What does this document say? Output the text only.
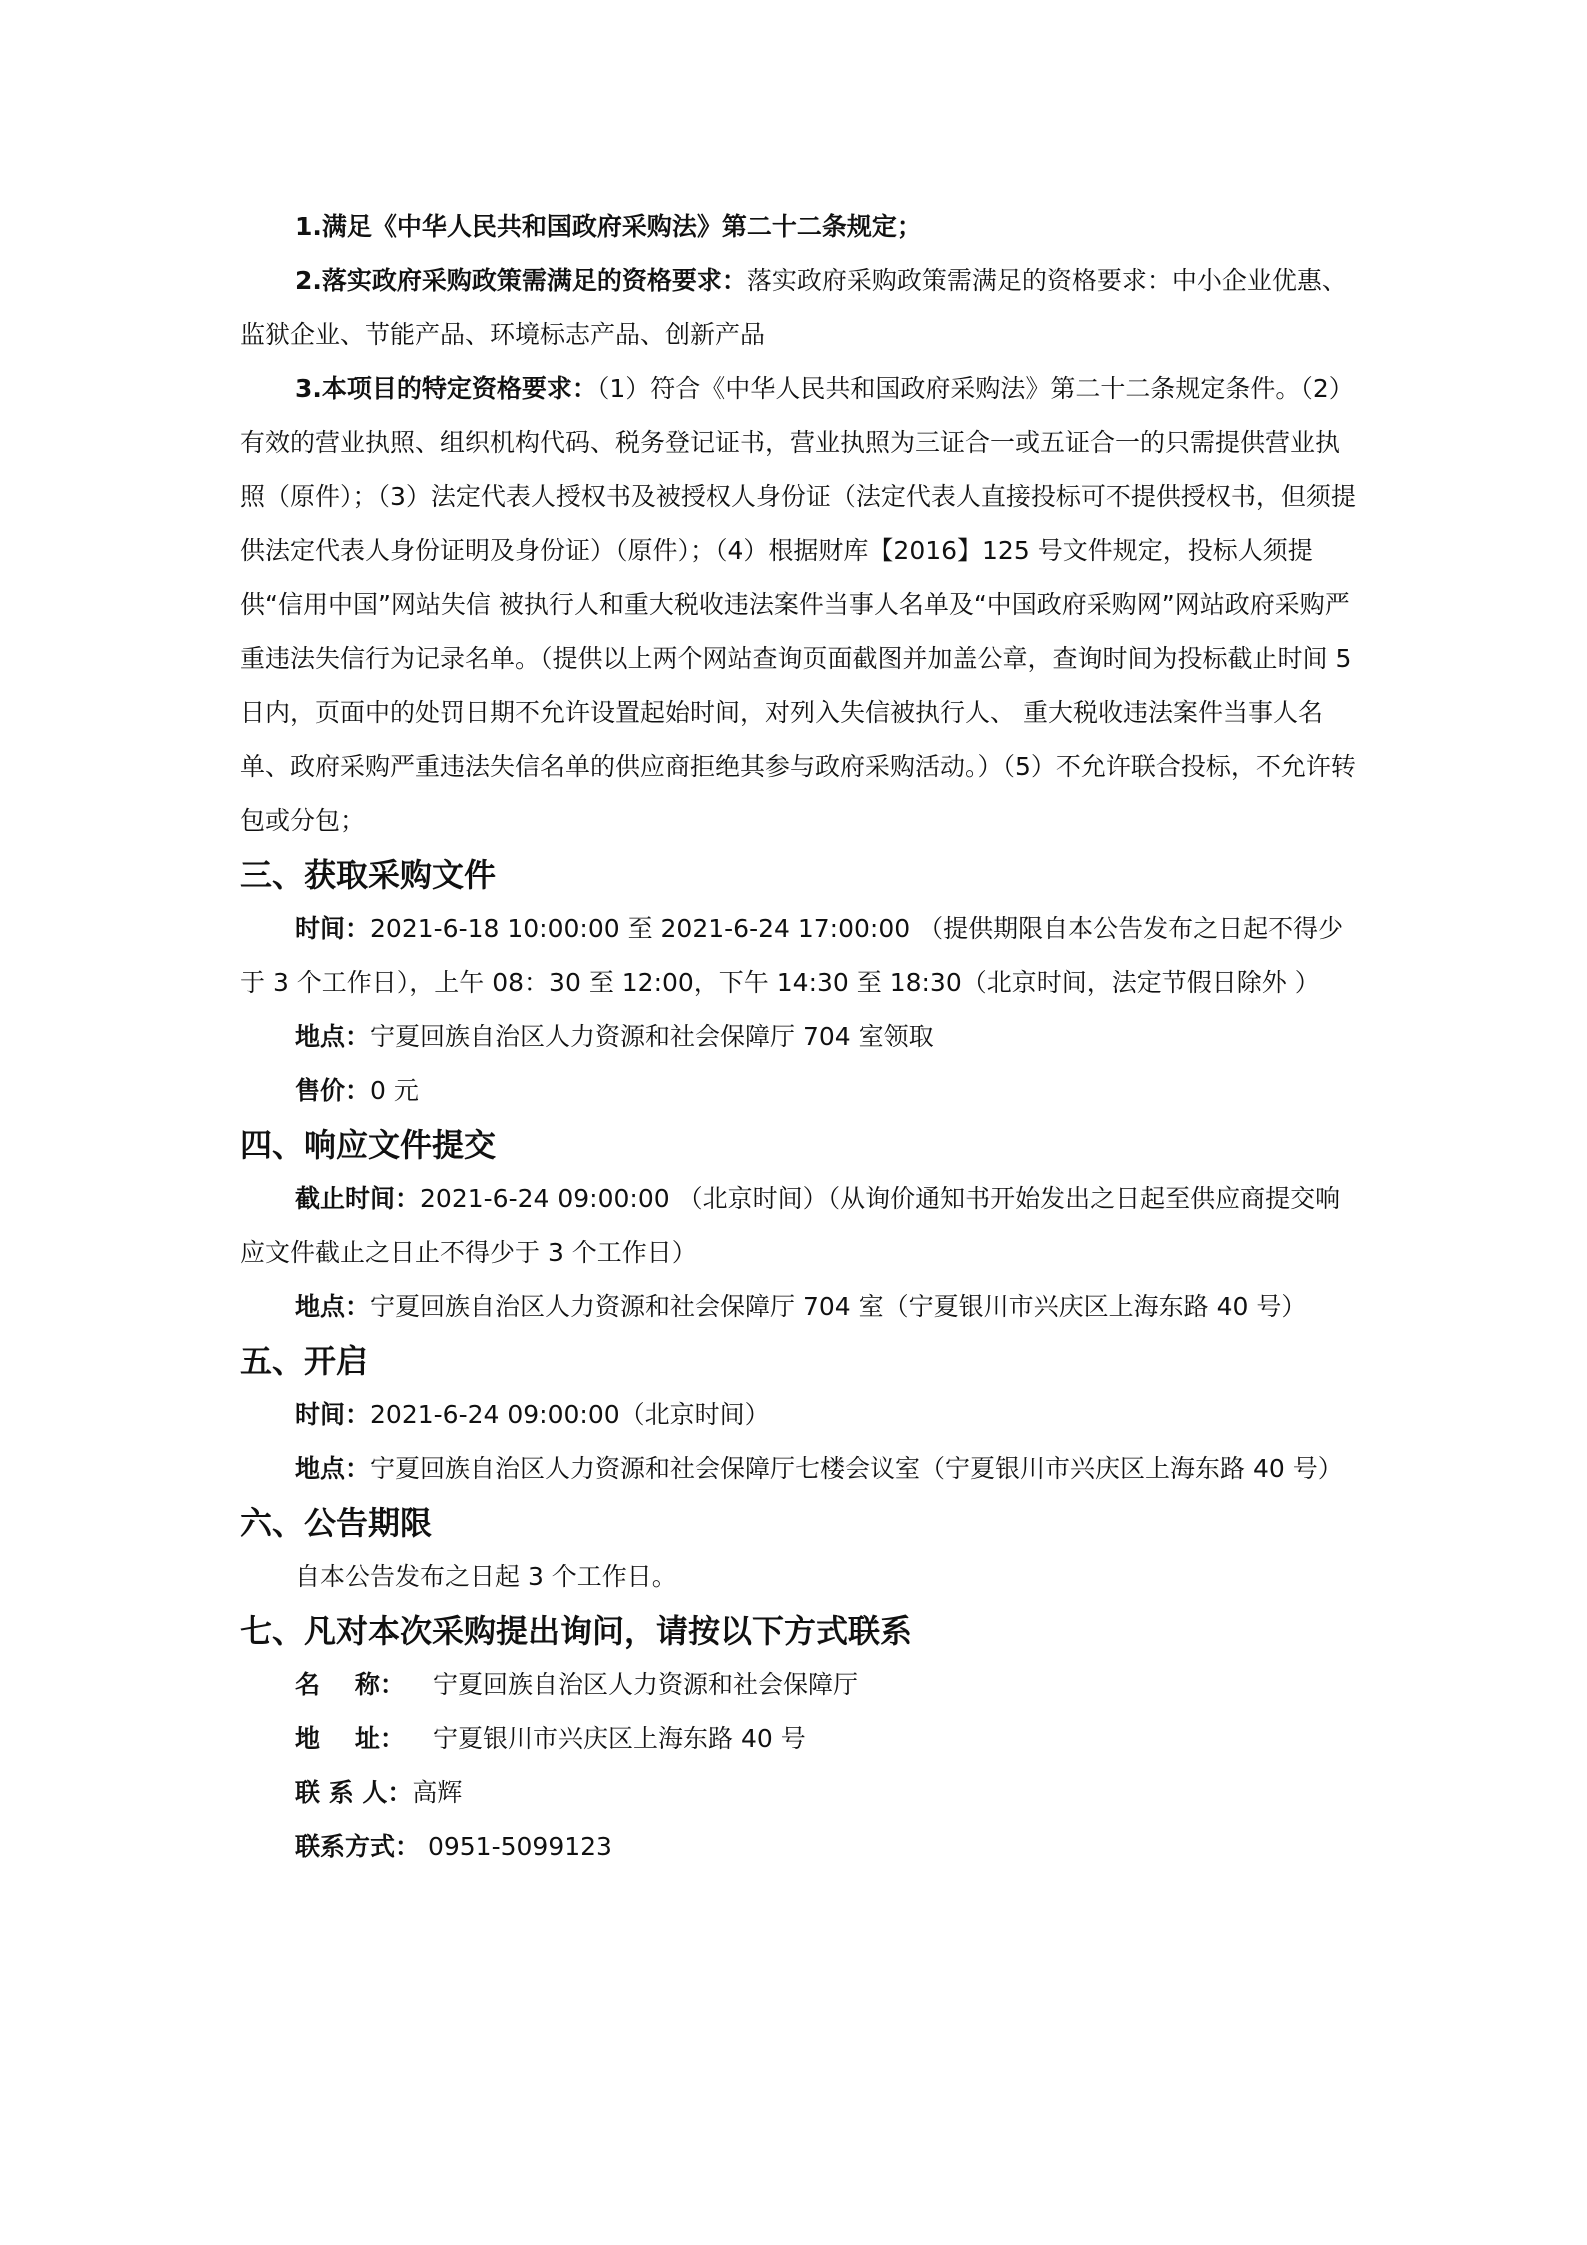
1.满足《中华人民共和国政府采购法》第二十二条规定；

2.落实政府采购政策需满足的资格要求：落实政府采购政策需满足的资格要求：中小企业优惠、监狱企业、节能产品、环境标志产品、创新产品

3.本项目的特定资格要求：（1）符合《中华人民共和国政府采购法》第二十二条规定条件。（2）有效的营业执照、组织机构代码、税务登记证书，营业执照为三证合一或五证合一的只需提供营业执照（原件）；（3）法定代表人授权书及被授权人身份证（法定代表人直接投标可不提供授权书，但须提供法定代表人身份证明及身份证）（原件）；（4）根据财库【2016】125 号文件规定，投标人须提供“信用中国”网站失信 被执行人和重大税收违法案件当事人名单及“中国政府采购网”网站政府采购严重违法失信行为记录名单。（提供以上两个网站查询页面截图并加盖公章，查询时间为投标截止时间 5 日内，页面中的处罚日期不允许设置起始时间，对列入失信被执行人、 重大税收违法案件当事人名单、政府采购严重违法失信名单的供应商拒绝其参与政府采购活动。）（5）不允许联合投标，不允许转包或分包；

三、获取采购文件

时间：2021-6-18 10:00:00 至 2021-6-24 17:00:00 （提供期限自本公告发布之日起不得少于 3 个工作日），上午 08：30 至 12:00，下午 14:30 至 18:30（北京时间，法定节假日除外 ）

地点：宁夏回族自治区人力资源和社会保障厅 704 室领取

售价：0 元

四、响应文件提交

截止时间：2021-6-24 09:00:00 （北京时间）（从询价通知书开始发出之日起至供应商提交响应文件截止之日止不得少于 3 个工作日）

地点：宁夏回族自治区人力资源和社会保障厅 704 室（宁夏银川市兴庆区上海东路 40 号）

五、开启

时间：2021-6-24 09:00:00（北京时间）

地点：宁夏回族自治区人力资源和社会保障厅七楼会议室（宁夏银川市兴庆区上海东路 40 号）

六、公告期限

自本公告发布之日起 3 个工作日。

七、凡对本次采购提出询问，请按以下方式联系

名    称： 宁夏回族自治区人力资源和社会保障厅

地    址： 宁夏银川市兴庆区上海东路 40 号

联 系 人：高辉

联系方式： 0951-5099123
